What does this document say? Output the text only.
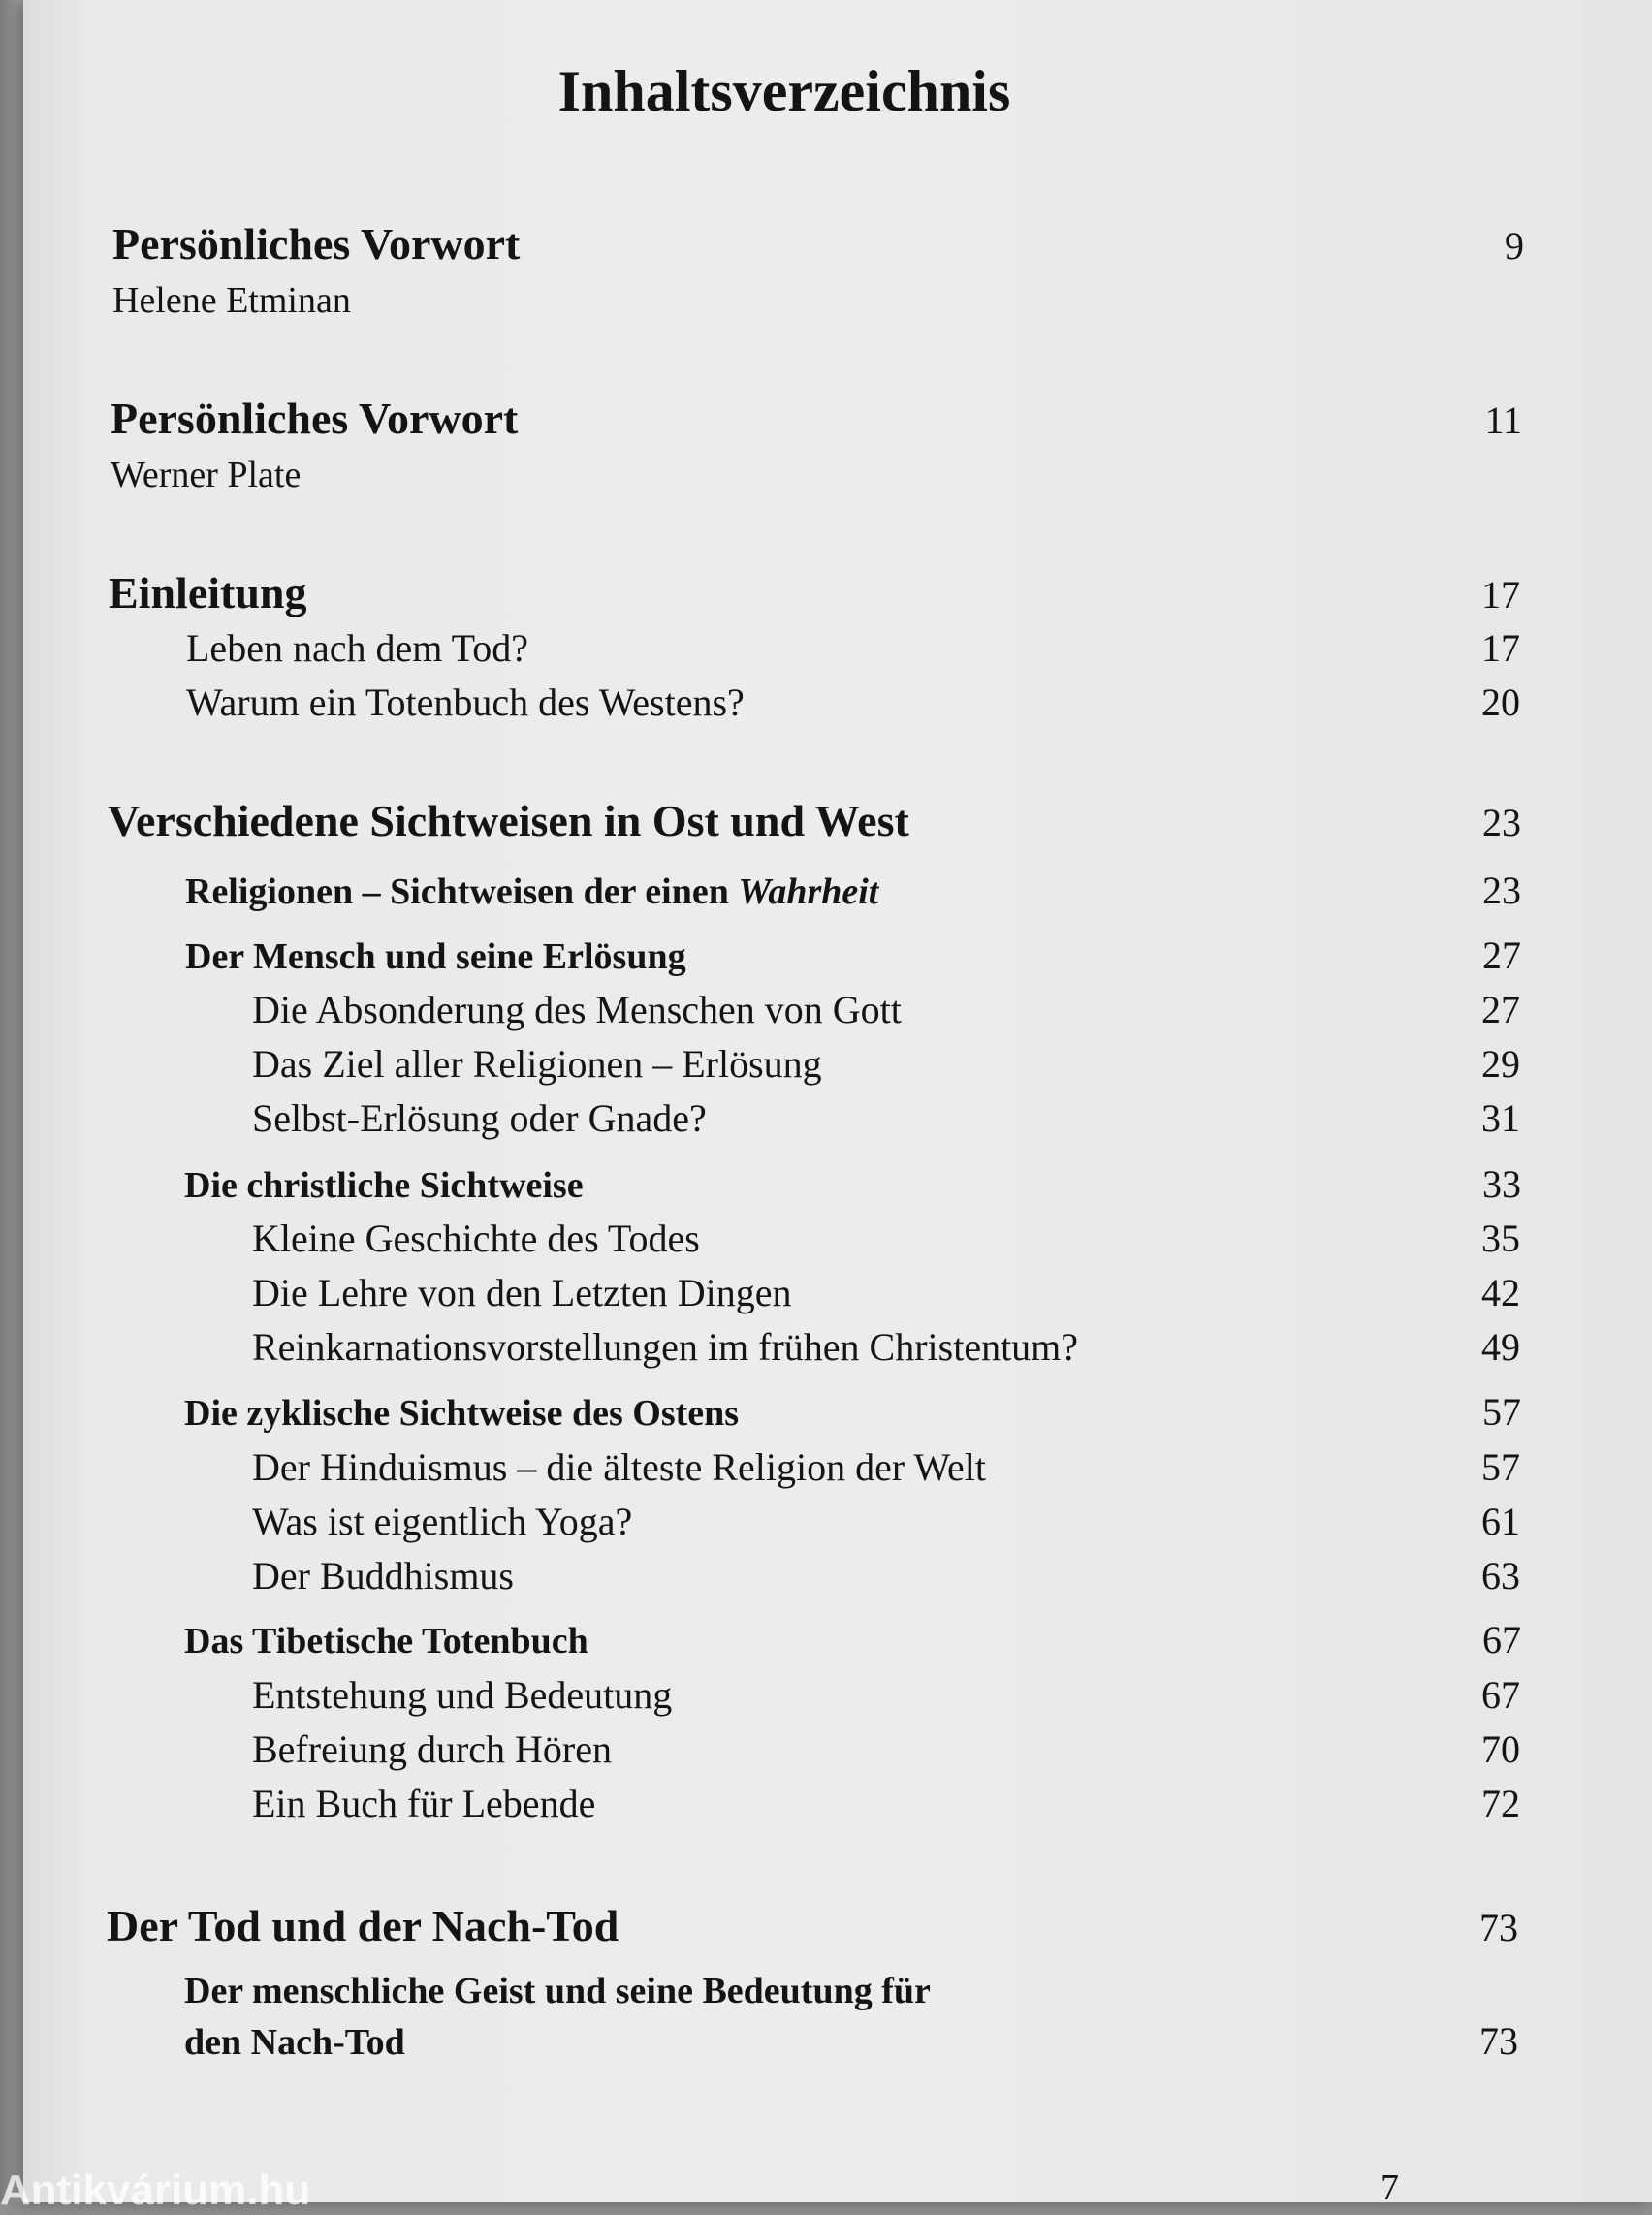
Inhaltsverzeichnis
Persönliches Vorwort	9
Helene Etminan
Persönliches Vorwort	11
Werner Plate
Einleitung	17
Leben nach dem Tod?	17
Warum ein Totenbuch des Westens?	20
Verschiedene Sichtweisen in Ost und West	23
Religionen – Sichtweisen der einen Wahrheit	23
Der Mensch und seine Erlösung	27
Die Absonderung des Menschen von Gott	27
Das Ziel aller Religionen – Erlösung	29
Selbst-Erlösung oder Gnade?	31
Die christliche Sichtweise	33
Kleine Geschichte des Todes	35
Die Lehre von den Letzten Dingen	42
Reinkarnationsvorstellungen im frühen Christentum?	49
Die zyklische Sichtweise des Ostens	57
Der Hinduismus – die älteste Religion der Welt	57
Was ist eigentlich Yoga?	61
Der Buddhismus	63
Das Tibetische Totenbuch	67
Entstehung und Bedeutung	67
Befreiung durch Hören	70
Ein Buch für Lebende	72
Der Tod und der Nach-Tod	73
Der menschliche Geist und seine Bedeutung für
den Nach-Tod	73
7
Antikvárium.hu
